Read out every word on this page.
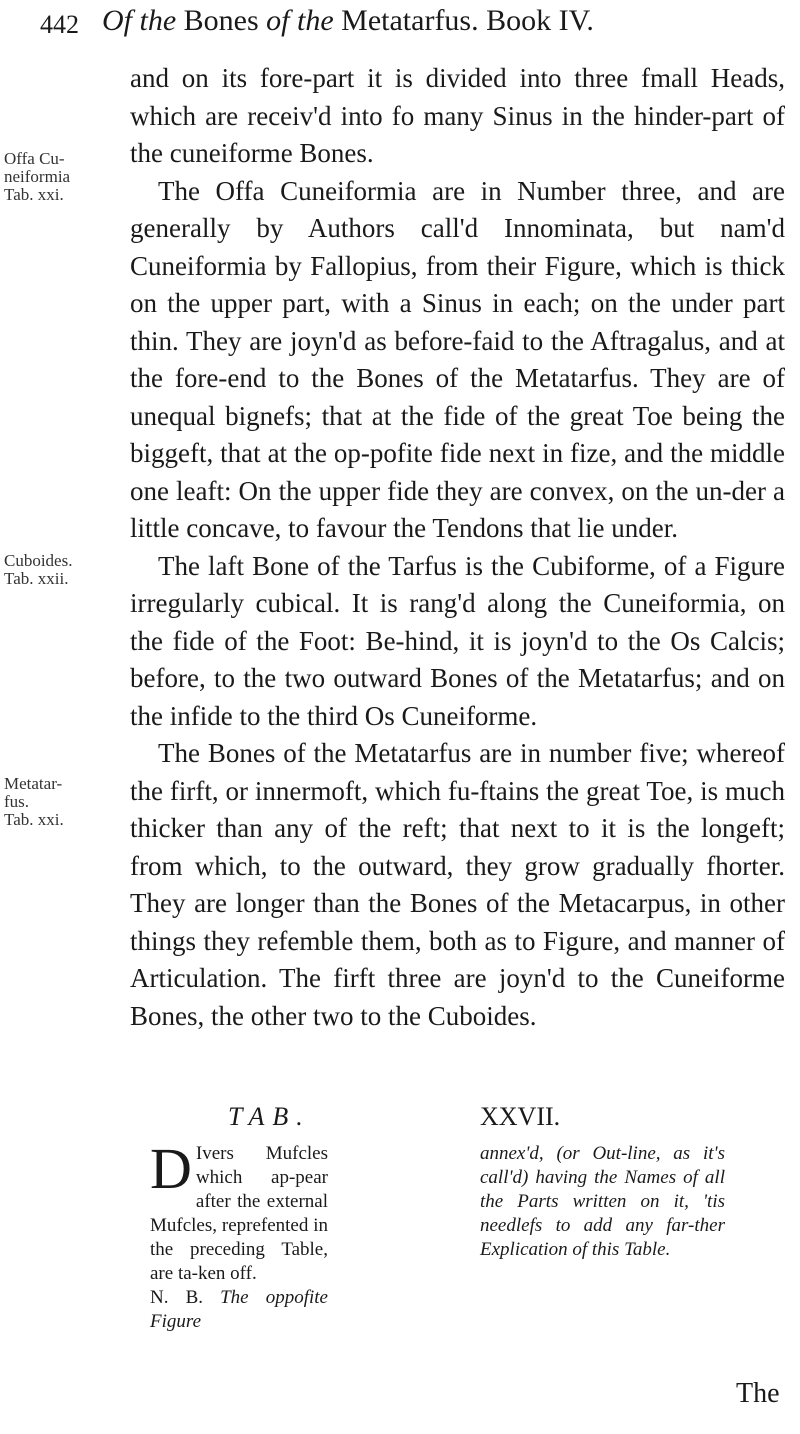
442 Of the Bones of the Metatarfus. Book IV.
Offa Cu-
neiformia
Tab. xxi.
Cuboides.
Tab. xxii.
Metatar-
fus.
Tab. xxi.

and on its fore-part it is divided into three fmall Heads, which are receiv'd into fo many Sinus in the hinder-part of the cuneiforme Bones.

The Offa Cuneiformia are in Number three, and are generally by Authors call'd Innominata, but nam'd Cuneiformia by Fallopius, from their Figure, which is thick on the upper part, with a Sinus in each; on the under part thin. They are joyn'd as before-faid to the Aftragalus, and at the fore-end to the Bones of the Metatarfus. They are of unequal bignefs; that at the fide of the great Toe being the biggeft, that at the op-pofite fide next in fize, and the middle one leaft: On the upper fide they are convex, on the un-der a little concave, to favour the Tendons that lie under.

The laft Bone of the Tarfus is the Cubiforme, of a Figure irregularly cubical. It is rang'd along the Cuneiformia, on the fide of the Foot: Be-hind, it is joyn'd to the Os Calcis; before, to the two outward Bones of the Metatarfus; and on the infide to the third Os Cuneiforme.

The Bones of the Metatarfus are in number five; whereof the firft, or innermoft, which fu-ftains the great Toe, is much thicker than any of the reft; that next to it is the longeft; from which, to the outward, they grow gradually fhorter. They are longer than the Bones of the Metacarpus, in other things they refemble them, both as to Figure, and manner of Articulation. The firft three are joyn'd to the Cuneiforme Bones, the other two to the Cuboides.

TAB.	XXVII.

D Ivers Mufcles which ap-pear after the external Mufcles, reprefented in the preceding Table, are ta-ken off.

N. B. The oppofite Figure

annex'd, (or Out-line, as it's call'd) having the Names of all the Parts written on it, 'tis needlefs to add any far-ther Explication of this Table.

The
